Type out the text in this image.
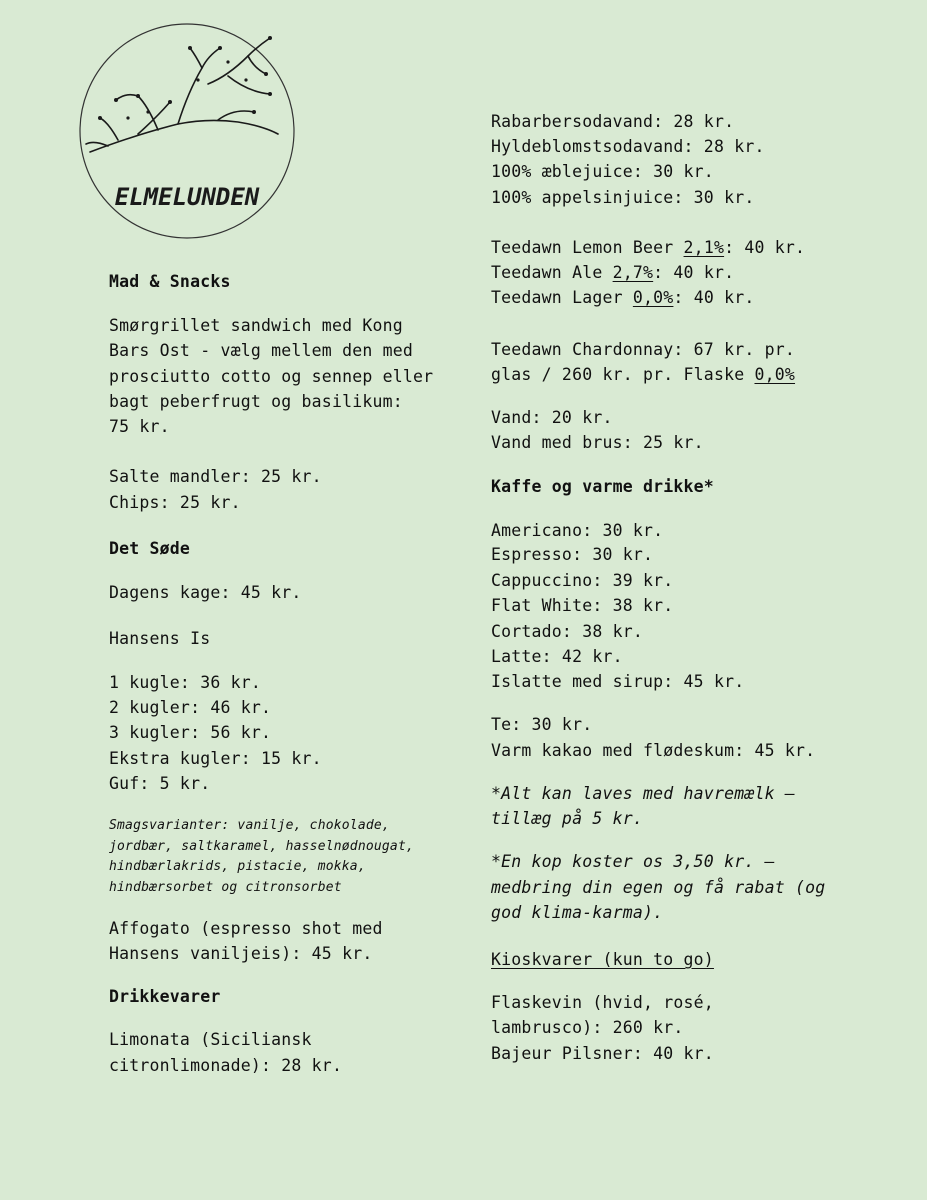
ELMELUNDEN
Mad & Snacks
Smørgrillet sandwich med Kong
Bars Ost - vælg mellem den med
prosciutto cotto og sennep eller
bagt peberfrugt og basilikum:
75 kr.
Salte mandler: 25 kr.
Chips: 25 kr.
Det Søde
Dagens kage: 45 kr.
Hansens Is
1 kugle: 36 kr.
2 kugler: 46 kr.
3 kugler: 56 kr.
Ekstra kugler: 15 kr.
Guf: 5 kr.
Smagsvarianter: vanilje, chokolade,
jordbær, saltkaramel, hasselnødnougat,
hindbærlakrids, pistacie, mokka,
hindbærsorbet og citronsorbet
Affogato (espresso shot med
Hansens vaniljeis): 45 kr.
Drikkevarer
Limonata (Siciliansk
citronlimonade): 28 kr.
Rabarbersodavand: 28 kr.
Hyldeblomstsodavand: 28 kr.
100% æblejuice: 30 kr.
100% appelsinjuice: 30 kr.
Teedawn Lemon Beer 2,1%: 40 kr.
Teedawn Ale 2,7%: 40 kr.
Teedawn Lager 0,0%: 40 kr.
Teedawn Chardonnay: 67 kr. pr.
glas / 260 kr. pr. Flaske 0,0%
Vand: 20 kr.
Vand med brus: 25 kr.
Kaffe og varme drikke*
Americano: 30 kr.
Espresso: 30 kr.
Cappuccino: 39 kr.
Flat White: 38 kr.
Cortado: 38 kr.
Latte: 42 kr.
Islatte med sirup: 45 kr.
Te: 30 kr.
Varm kakao med flødeskum: 45 kr.
*Alt kan laves med havremælk –
tillæg på 5 kr.
*En kop koster os 3,50 kr. –
medbring din egen og få rabat (og
god klima-karma).
Kioskvarer (kun to go)
Flaskevin (hvid, rosé,
lambrusco): 260 kr.
Bajeur Pilsner: 40 kr.
